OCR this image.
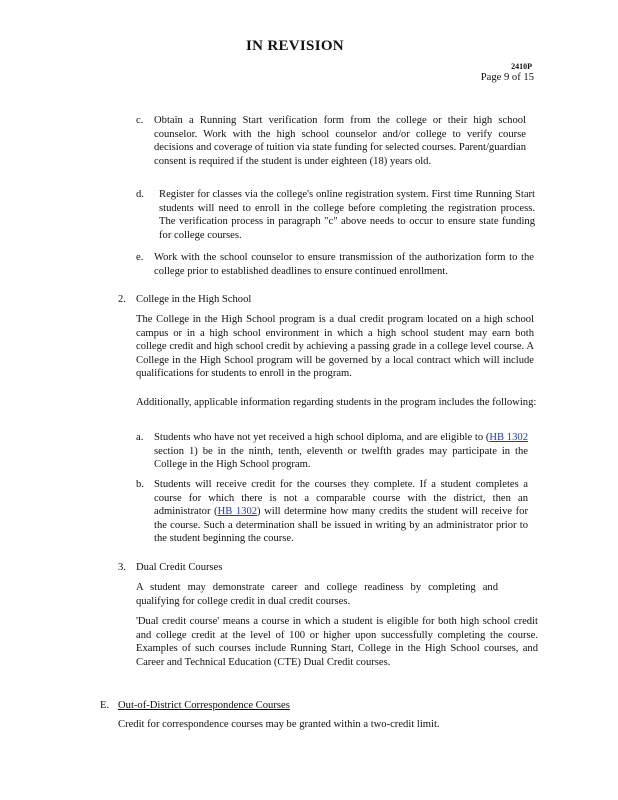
IN REVISION
2410P
Page 9 of 15
c. Obtain a Running Start verification form from the college or their high school counselor. Work with the high school counselor and/or college to verify course decisions and coverage of tuition via state funding for selected courses. Parent/guardian consent is required if the student is under eighteen (18) years old.
d. Register for classes via the college's online registration system. First time Running Start students will need to enroll in the college before completing the registration process. The verification process in paragraph "c" above needs to occur to ensure state funding for college courses.
e. Work with the school counselor to ensure transmission of the authorization form to the college prior to established deadlines to ensure continued enrollment.
2. College in the High School
The College in the High School program is a dual credit program located on a high school campus or in a high school environment in which a high school student may earn both college credit and high school credit by achieving a passing grade in a college level course. A College in the High School program will be governed by a local contract which will include qualifications for students to enroll in the program.
Additionally, applicable information regarding students in the program includes the following:
a. Students who have not yet received a high school diploma, and are eligible to (HB 1302 section 1) be in the ninth, tenth, eleventh or twelfth grades may participate in the College in the High School program.
b. Students will receive credit for the courses they complete. If a student completes a course for which there is not a comparable course with the district, then an administrator (HB 1302) will determine how many credits the student will receive for the course. Such a determination shall be issued in writing by an administrator prior to the student beginning the course.
3. Dual Credit Courses
A student may demonstrate career and college readiness by completing and qualifying for college credit in dual credit courses.
'Dual credit course' means a course in which a student is eligible for both high school credit and college credit at the level of 100 or higher upon successfully completing the course. Examples of such courses include Running Start, College in the High School courses, and Career and Technical Education (CTE) Dual Credit courses.
E. Out-of-District Correspondence Courses
Credit for correspondence courses may be granted within a two-credit limit.
